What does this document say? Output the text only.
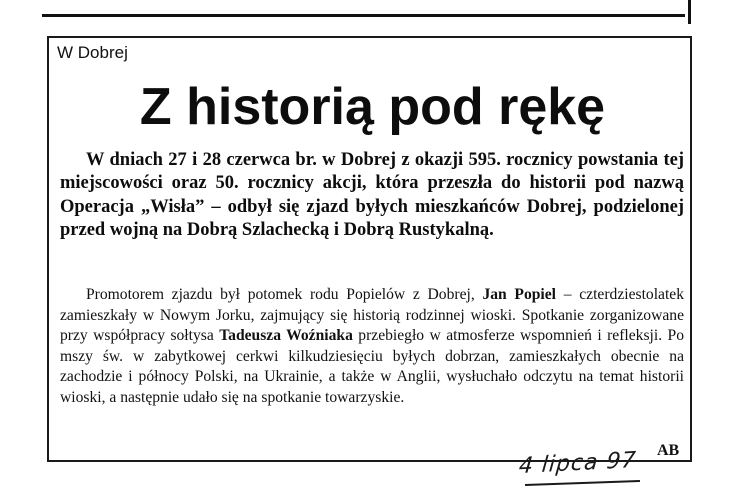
W Dobrej

Z historią pod rękę

W dniach 27 i 28 czerwca br. w Dobrej z okazji 595. rocznicy powstania tej miejscowości oraz 50. rocznicy akcji, która przeszła do historii pod nazwą Operacja „Wisła” – odbył się zjazd byłych mieszkańców Dobrej, podzielonej przed wojną na Dobrą Szlachecką i Dobrą Rustykalną.

Promotorem zjazdu był potomek rodu Popielów z Dobrej, Jan Popiel – czterdziestolatek zamieszkały w Nowym Jorku, zajmujący się historią rodzinnej wioski. Spotkanie zorganizowane przy współpracy sołtysa Tadeusza Woźniaka przebiegło w atmosferze wspomnień i refleksji. Po mszy św. w zabytkowej cerkwi kilkudziesięciu byłych dobrzan, zamieszkałych obecnie na zachodzie i północy Polski, na Ukrainie, a także w Anglii, wysłuchało odczytu na temat historii wioski, a następnie udało się na spotkanie towarzyskie.

AB
4 lipca 97
